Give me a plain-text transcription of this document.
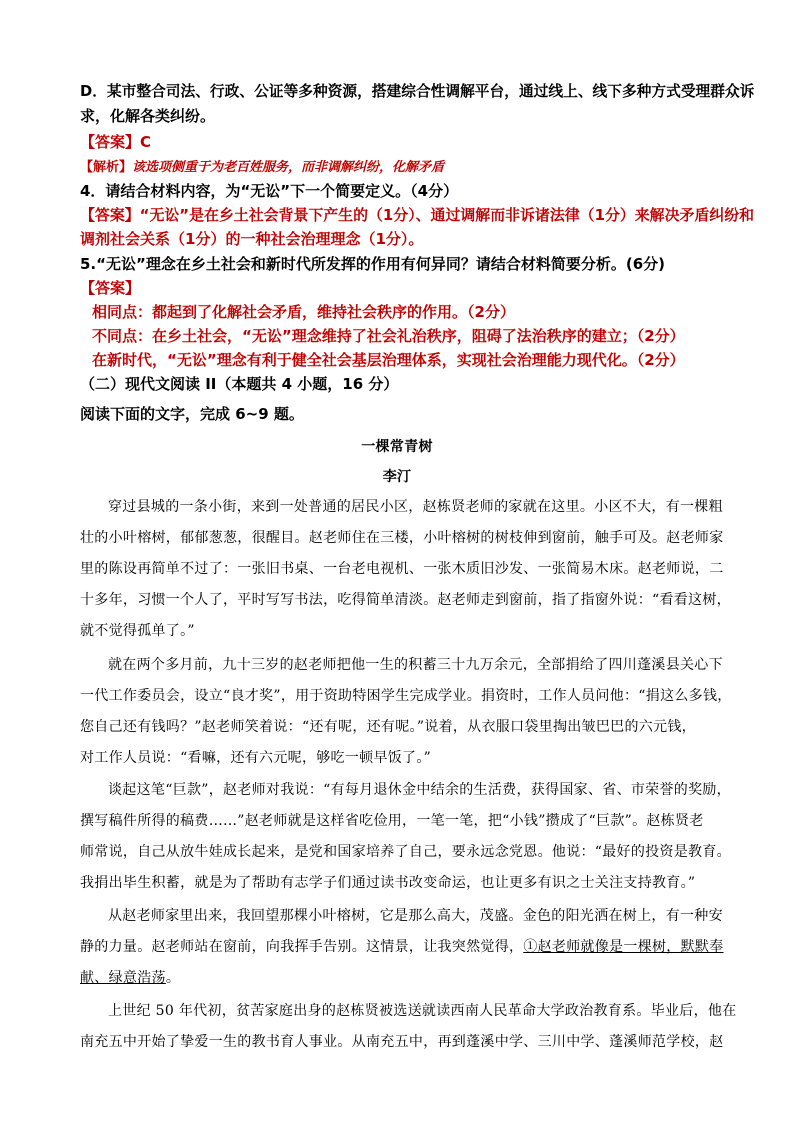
D．某市整合司法、行政、公证等多种资源，搭建综合性调解平台，通过线上、线下多种方式受理群众诉
求，化解各类纠纷。
【答案】C
【解析】该选项侧重于为老百姓服务，而非调解纠纷，化解矛盾
4．请结合材料内容，为“无讼”下一个简要定义。（4分）
【答案】“无讼”是在乡土社会背景下产生的（1分）、通过调解而非诉诸法律（1分）来解决矛盾纠纷和
调剂社会关系（1分）的一种社会治理理念（1分）。
5.“无讼”理念在乡土社会和新时代所发挥的作用有何异同？请结合材料简要分析。(6分)
【答案】
相同点：都起到了化解社会矛盾，维持社会秩序的作用。（2分）
不同点：在乡土社会，“无讼”理念维持了社会礼治秩序，阻碍了法治秩序的建立；（2分）
在新时代，“无讼”理念有利于健全社会基层治理体系，实现社会治理能力现代化。（2分）
（二）现代文阅读 II（本题共 4 小题，16 分）
阅读下面的文字，完成 6~9 题。
一棵常青树
李汀
穿过县城的一条小街，来到一处普通的居民小区，赵栋贤老师的家就在这里。小区不大，有一棵粗
壮的小叶榕树，郁郁葱葱，很醒目。赵老师住在三楼，小叶榕树的树枝伸到窗前，触手可及。赵老师家
里的陈设再简单不过了：一张旧书桌、一台老电视机、一张木质旧沙发、一张简易木床。赵老师说，二
十多年，习惯一个人了，平时写写书法，吃得简单清淡。赵老师走到窗前，指了指窗外说：“看看这树，
就不觉得孤单了。”
就在两个多月前，九十三岁的赵老师把他一生的积蓄三十九万余元，全部捐给了四川蓬溪县关心下
一代工作委员会，设立“良才奖”，用于资助特困学生完成学业。捐资时，工作人员问他：“捐这么多钱，
您自己还有钱吗？”赵老师笑着说：“还有呢，还有呢。”说着，从衣服口袋里掏出皱巴巴的六元钱，
对工作人员说：“看嘛，还有六元呢，够吃一顿早饭了。”
谈起这笔“巨款”，赵老师对我说：“有每月退休金中结余的生活费，获得国家、省、市荣誉的奖励，
撰写稿件所得的稿费……”赵老师就是这样省吃俭用，一笔一笔，把“小钱”攒成了“巨款”。赵栋贤老
师常说，自己从放牛娃成长起来，是党和国家培养了自己，要永远念党恩。他说：“最好的投资是教育。
我捐出毕生积蓄，就是为了帮助有志学子们通过读书改变命运，也让更多有识之士关注支持教育。”
从赵老师家里出来，我回望那棵小叶榕树，它是那么高大，茂盛。金色的阳光洒在树上，有一种安
静的力量。赵老师站在窗前，向我挥手告别。这情景，让我突然觉得，①赵老师就像是一棵树，默默奉
献、绿意浩荡。
上世纪 50 年代初，贫苦家庭出身的赵栋贤被选送就读西南人民革命大学政治教育系。毕业后，他在
南充五中开始了挚爱一生的教书育人事业。从南充五中，再到蓬溪中学、三川中学、蓬溪师范学校，赵
